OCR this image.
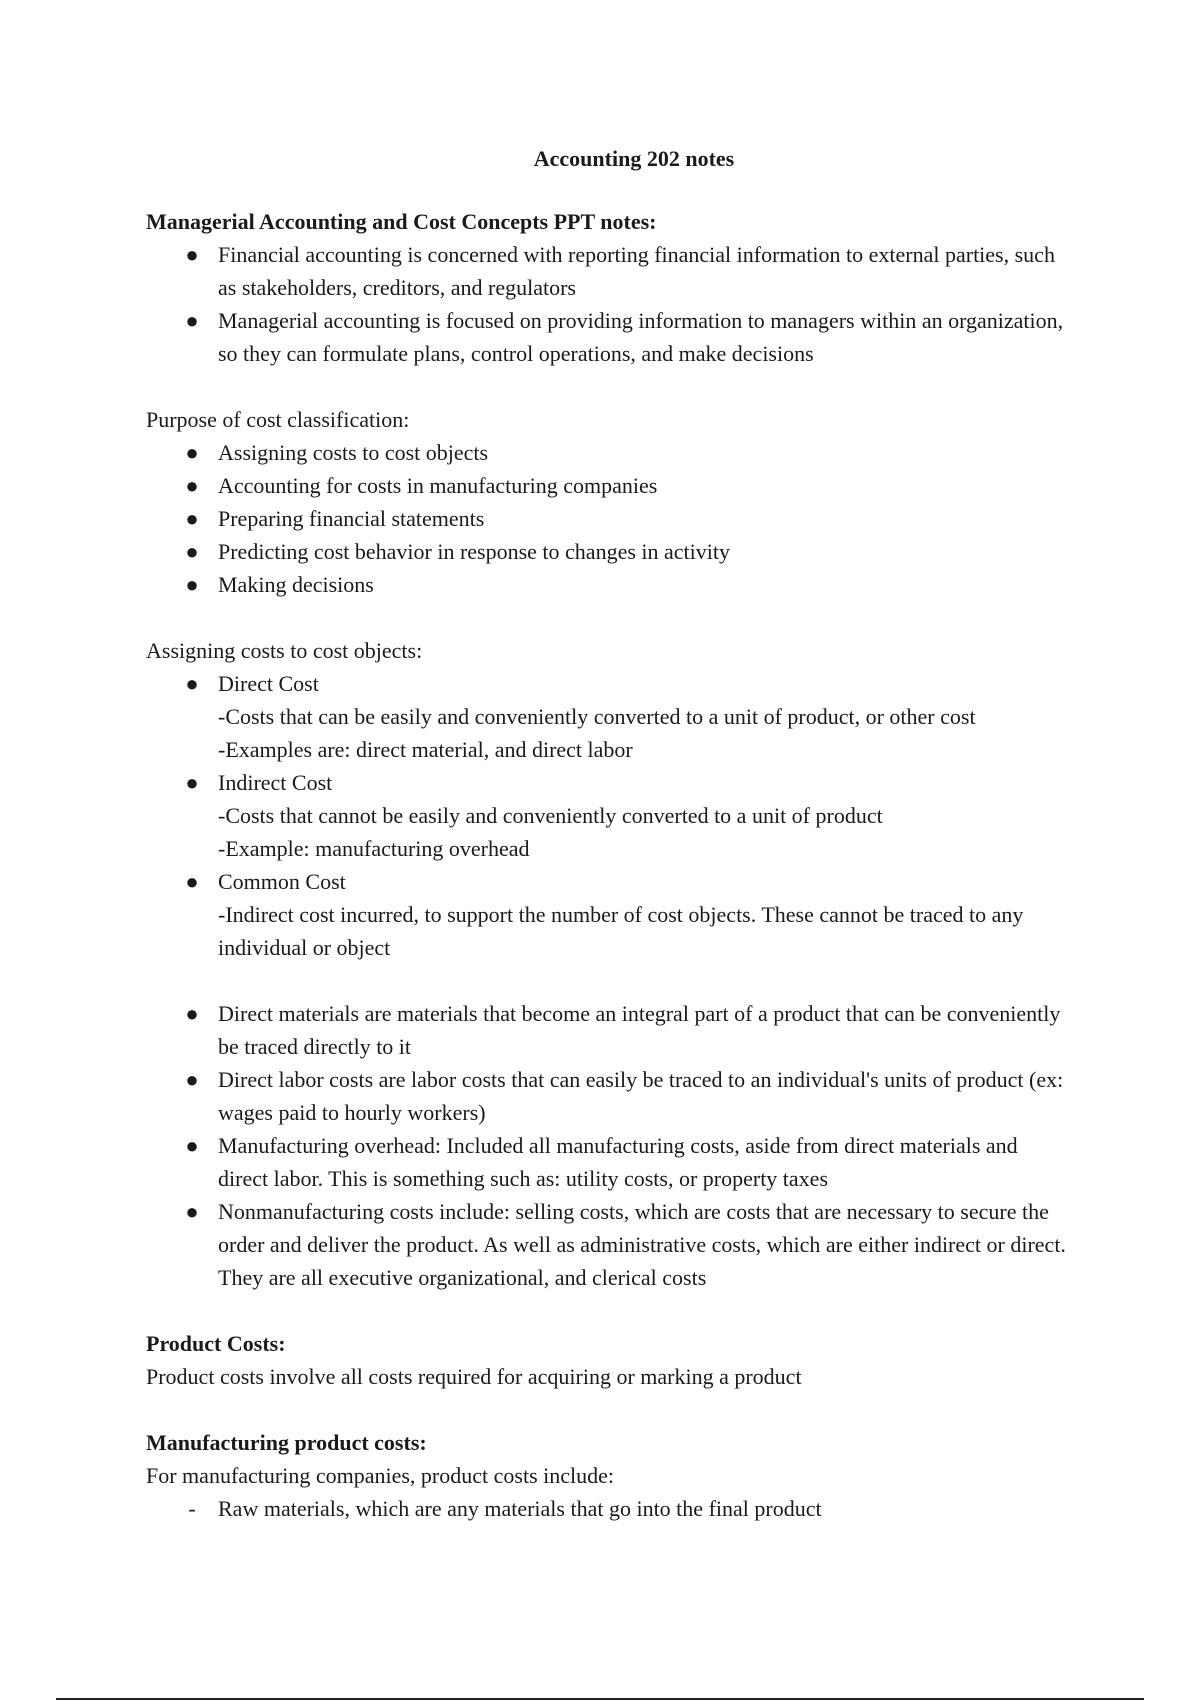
Accounting 202 notes
Managerial Accounting and Cost Concepts PPT notes:
● Financial accounting is concerned with reporting financial information to external parties, such as stakeholders, creditors, and regulators
● Managerial accounting is focused on providing information to managers within an organization, so they can formulate plans, control operations, and make decisions
Purpose of cost classification:
● Assigning costs to cost objects
● Accounting for costs in manufacturing companies
● Preparing financial statements
● Predicting cost behavior in response to changes in activity
● Making decisions
Assigning costs to cost objects:
● Direct Cost
-Costs that can be easily and conveniently converted to a unit of product, or other cost
-Examples are: direct material, and direct labor
● Indirect Cost
-Costs that cannot be easily and conveniently converted to a unit of product
-Example: manufacturing overhead
● Common Cost
-Indirect cost incurred, to support the number of cost objects. These cannot be traced to any individual or object
● Direct materials are materials that become an integral part of a product that can be conveniently be traced directly to it
● Direct labor costs are labor costs that can easily be traced to an individual's units of product (ex: wages paid to hourly workers)
● Manufacturing overhead: Included all manufacturing costs, aside from direct materials and direct labor. This is something such as: utility costs, or property taxes
● Nonmanufacturing costs include: selling costs, which are costs that are necessary to secure the order and deliver the product. As well as administrative costs, which are either indirect or direct. They are all executive organizational, and clerical costs
Product Costs:
Product costs involve all costs required for acquiring or marking a product
Manufacturing product costs:
For manufacturing companies, product costs include:
- Raw materials, which are any materials that go into the final product
